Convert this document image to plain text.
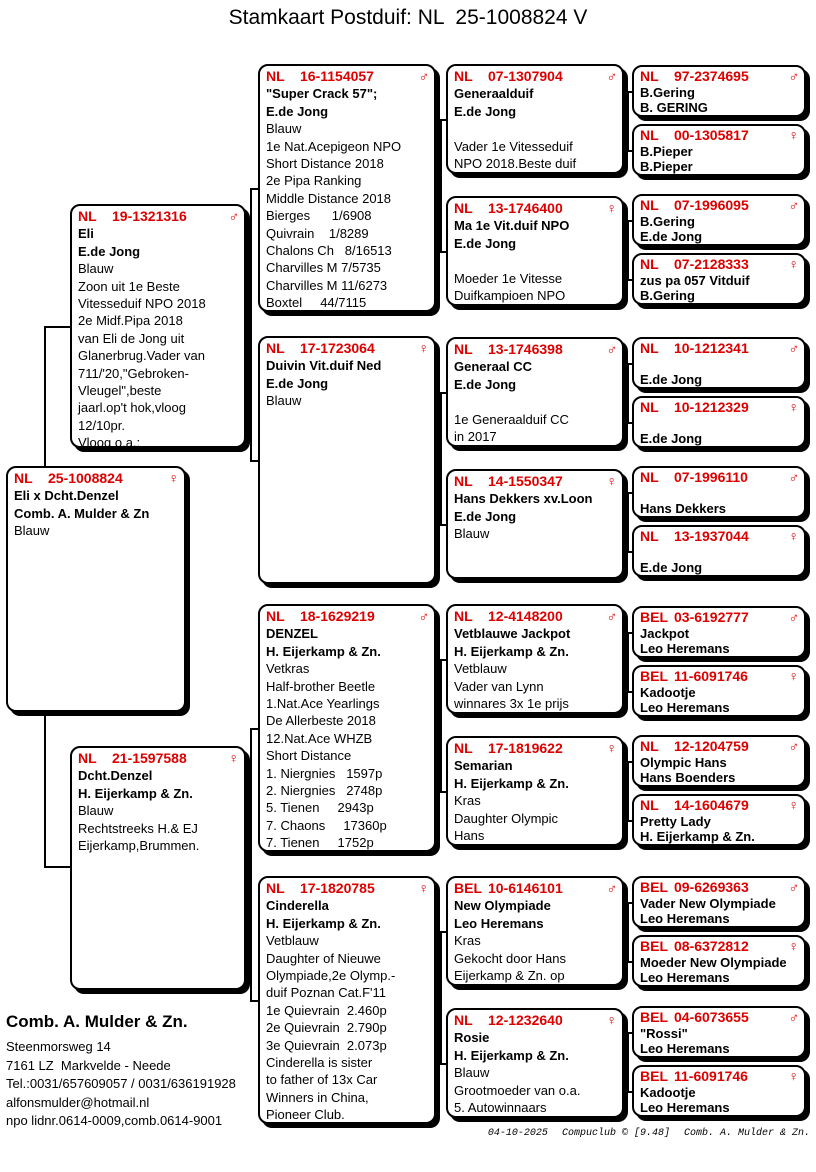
Stamkaart Postduif: NL  25-1008824 V
NL	25-1008824	♀
Eli x Dcht.Denzel
Comb. A. Mulder & Zn
Blauw
NL	19-1321316	♂
Eli
E.de Jong
Blauw
Zoon uit 1e Beste
Vitesseduif NPO 2018
2e Midf.Pipa 2018
van Eli de Jong uit
Glanerbrug.Vader van
711/'20,"Gebroken-
Vleugel",beste
jaarl.op't hok,vloog
12/10pr.
Vloog o.a.:
NL	21-1597588	♀
Dcht.Denzel
H. Eijerkamp & Zn.
Blauw
Rechtstreeks H.& EJ
Eijerkamp,Brummen.
NL	16-1154057	♂
"Super Crack 57";
E.de Jong
Blauw
1e Nat.Acepigeon NPO
Short Distance 2018
2e Pipa Ranking
Middle Distance 2018
Bierges      1/6908
Quivrain    1/8289
Chalons Ch   8/16513
Charvilles M 7/5735
Charvilles M 11/6273
Boxtel     44/7115
NL	17-1723064	♀
Duivin Vit.duif Ned
E.de Jong
Blauw
NL	18-1629219	♂
DENZEL
H. Eijerkamp & Zn.
Vetkras
Half-brother Beetle
1.Nat.Ace Yearlings
De Allerbeste 2018
12.Nat.Ace WHZB
Short Distance
1. Niergnies   1597p
2. Niergnies   2748p
5. Tienen     2943p
7. Chaons     17360p
7. Tienen     1752p
NL	17-1820785	♀
Cinderella
H. Eijerkamp & Zn.
Vetblauw
Daughter of Nieuwe
Olympiade,2e Olymp.-
duif Poznan Cat.F'11
1e Quievrain  2.460p
2e Quievrain  2.790p
3e Quievrain  2.073p
Cinderella is sister
to father of 13x Car
Winners in China,
Pioneer Club.
NL	07-1307904	♂
Generaalduif
E.de Jong
Vader 1e Vitesseduif
NPO 2018.Beste duif
NL	13-1746400	♀
Ma 1e Vit.duif NPO
E.de Jong
Moeder 1e Vitesse
Duifkampioen NPO
NL	13-1746398	♂
Generaal CC
E.de Jong
1e Generaalduif CC
in 2017
NL	14-1550347	♀
Hans Dekkers xv.Loon
E.de Jong
Blauw
NL	12-4148200	♂
Vetblauwe Jackpot
H. Eijerkamp & Zn.
Vetblauw
Vader van Lynn
winnares 3x 1e prijs
NL	17-1819622	♀
Semarian
H. Eijerkamp & Zn.
Kras
Daughter Olympic
Hans
BEL 10-6146101	♂
New Olympiade
Leo Heremans
Kras
Gekocht door Hans
Eijerkamp & Zn. op
NL	12-1232640	♀
Rosie
H. Eijerkamp & Zn.
Blauw
Grootmoeder van o.a.
5. Autowinnaars
NL	97-2374695	♂
B.Gering
B. GERING
NL	00-1305817	♀
B.Pieper
B.Pieper
NL	07-1996095	♂
B.Gering
E.de Jong
NL	07-2128333	♀
zus pa 057 Vitduif
B.Gering
NL	10-1212341	♂
E.de Jong
NL	10-1212329	♀
E.de Jong
NL	07-1996110	♂
Hans Dekkers
NL	13-1937044	♀
E.de Jong
BEL 03-6192777	♂
Jackpot
Leo Heremans
BEL 11-6091746	♀
Kadootje
Leo Heremans
NL	12-1204759	♂
Olympic Hans
Hans Boenders
NL	14-1604679	♀
Pretty Lady
H. Eijerkamp & Zn.
BEL 09-6269363	♂
Vader New Olympiade
Leo Heremans
BEL 08-6372812	♀
Moeder New Olympiade
Leo Heremans
BEL 04-6073655	♂
"Rossi"
Leo Heremans
BEL 11-6091746	♀
Kadootje
Leo Heremans
Comb. A. Mulder & Zn.
Steenmorsweg 14
7161 LZ  Markvelde - Neede
Tel.:0031/657609057 / 0031/636191928
alfonsmulder@hotmail.nl
npo lidnr.0614-0009,comb.0614-9001
04-10-2025 Compuclub © [9.48] Comb. A. Mulder & Zn.
